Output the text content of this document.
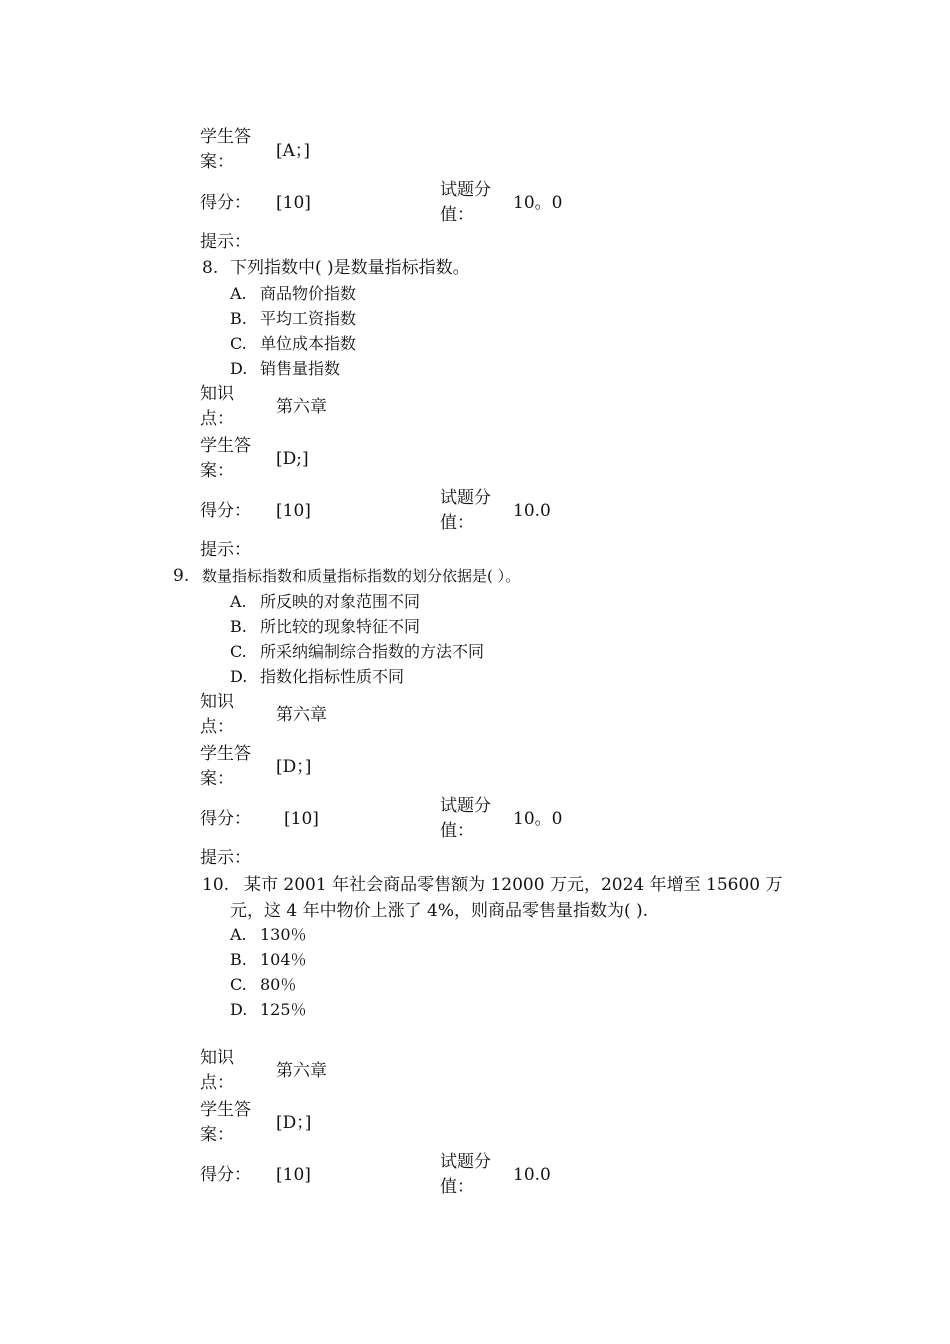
学生答案：
[A；]
得分： [10]
试题分值：
10。0
提示：
8. 下列指数中( )是数量指标指数。
A. 商品物价指数
B. 平均工资指数
C. 单位成本指数
D. 销售量指数
知识点：
第六章
学生答案：
[D;]
得分： [10]
试题分值：
10.0
提示：
9. 数量指标指数和质量指标指数的划分依据是( ）。
A. 所反映的对象范围不同
B. 所比较的现象特征不同
C. 所采纳编制综合指数的方法不同
D. 指数化指标性质不同
知识点：
第六章
学生答案：
[D；]
得分： [10]
试题分值：
10。0
提示：
10. 某市 2001 年社会商品零售额为 12000 万元，2024 年增至 15600 万
元，这 4 年中物价上涨了 4%，则商品零售量指数为( ).
A. 130％
B. 104％
C. 80％
D. 125％
知识点：
第六章
学生答案：
[D；]
得分： [10]
试题分值：
10.0
